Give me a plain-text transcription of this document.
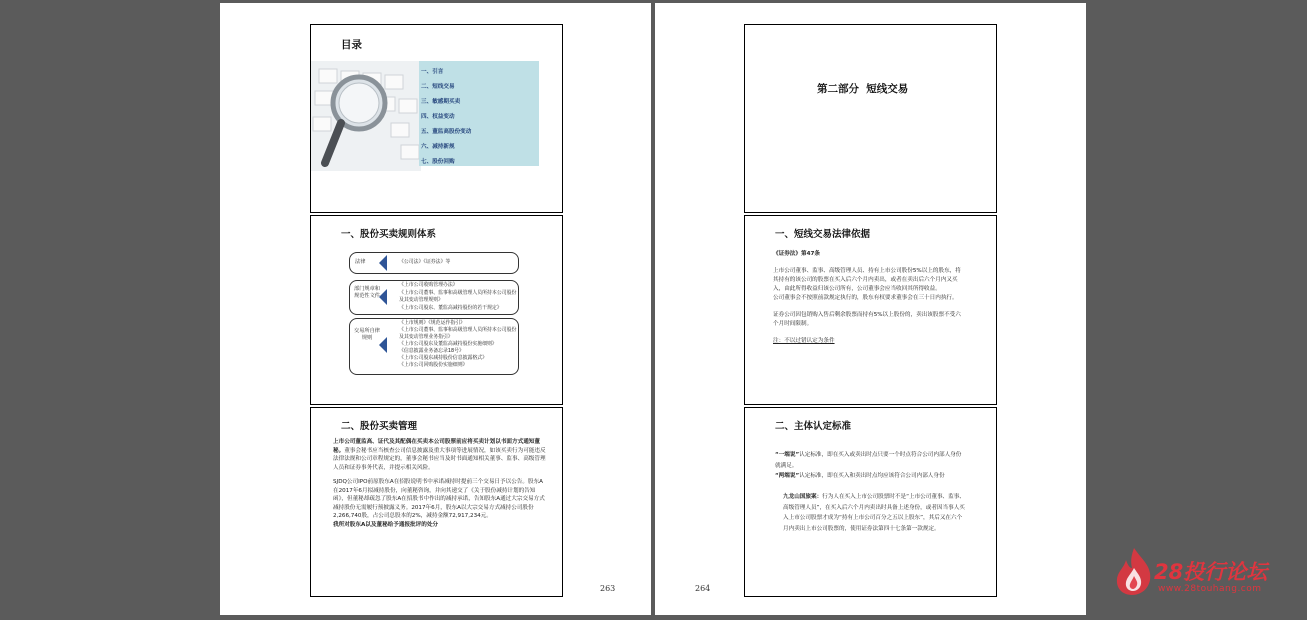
目录
一、引言
二、短线交易
三、敏感期买卖
四、权益变动
五、董监高股份变动
六、减持新规
七、股份回购
一、股份买卖规则体系
法律	《公司法》《证券法》等
部门规章和规范性文件
《上市公司收购管理办法》
《上市公司董事、监事和高级管理人员所持本公司股份及其变动管理规则》
《上市公司股东、董监高减持股份的若干规定》
交易所自律规则
《上市规则》《规范运作指引》
《上市公司董事、监事和高级管理人员所持本公司股份及其变动管理业务指引》
《上市公司股东及董监高减持股份实施细则》
《信息披露业务备忘录18号》
《上市公司股东减持股份信息披露格式》
《上市公司回购股份实施细则》
二、股份买卖管理

上市公司董监高、证代及其配偶在买卖本公司股票前应将买卖计划以书面方式通知董秘。董事会秘书应当核查公司信息披露及重大事项等进展情况，如该买卖行为可能违反法律法规和公司章程规定的，董事会秘书应当及时书面通知相关董事、监事、高级管理人员和证券事务代表，并提示相关风险。

SJDQ公司IPO前原股东A在招股说明书中承诺减持时提前三个交易日予以公告。股东A在2017年6月拟减持股份，向董秘咨询，并向其递交了《关于股份减持计划的告知函》，但董秘却疏忽了股东A在招股书中作出的减持承诺，告知股东A通过大宗交易方式减持股份无需履行预披露义务。2017年6月，股东A以大宗交易方式减持公司股份2,266,740股，占公司总股本的2%，减持金额72,917,234元。

我所对股东A以及董秘给予通报批评的处分

263
第二部分  短线交易
一、短线交易法律依据

《证券法》第47条

上市公司董事、监事、高级管理人员、持有上市公司股份5%以上的股东，将其持有的该公司的股票在买入后六个月内卖出，或者在卖出后六个月内又买入，由此所得收益归该公司所有，公司董事会应当收回其所得收益。

公司董事会不按照前款规定执行的，股东有权要求董事会在三十日内执行。

证券公司因包销购入售后剩余股票而持有5%以上股份的，卖出该股票不受六个月时间限制。

注：不以过错认定为条件

二、主体认定标准

“一端说”认定标准，即在买入或卖出时点只要一个时点符合公司内部人身份就满足。

“两端说”认定标准，即在买入和卖出时点均应该符合公司内部人身份

九龙山国旅案：行为人在买入上市公司股票时不是“上市公司董事、监事、高级管理人员”，在买入后六个月内卖出时具备上述身份，或者因当事人买入上市公司股票才成为“持有上市公司百分之五以上股东”，其后又在六个月内卖出上市公司股票的，使用证券法第四十七条第一款规定。

264
28投行论坛
www.28touhang.com
